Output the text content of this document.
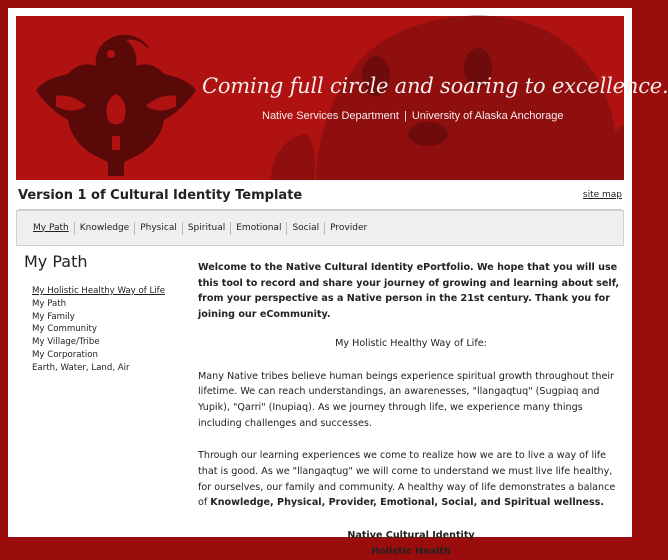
Coming full circle and soaring to excellence.
Native Services Department | University of Alaska Anchorage
Version 1 of Cultural Identity Template	site map
My Path	Knowledge	Physical	Spiritual	Emotional	Social	Provider
My Path
My Holistic Healthy Way of Life
My Path
My Family
My Community
My Village/Tribe
My Corporation
Earth, Water, Land, Air

Welcome to the Native Cultural Identity ePortfolio. We hope that you will use this tool to record and share your journey of growing and learning about self, from your perspective as a Native person in the 21st century. Thank you for joining our eCommunity.

My Holistic Healthy Way of Life:

Many Native tribes believe human beings experience spiritual growth throughout their lifetime. We can reach understandings, an awarenesses, "llangaqtuq" (Sugpiaq and Yupik), "Qarri" (Inupiaq). As we journey through life, we experience many things including challenges and successes.

Through our learning experiences we come to realize how we are to live a way of life that is good. As we "llangaqtug" we will come to understand we must live life healthy, for ourselves, our family and community. A healthy way of life demonstrates a balance of Knowledge, Physical, Provider, Emotional, Social, and Spiritual wellness.

Native Cultural Identity

Holistic Health
